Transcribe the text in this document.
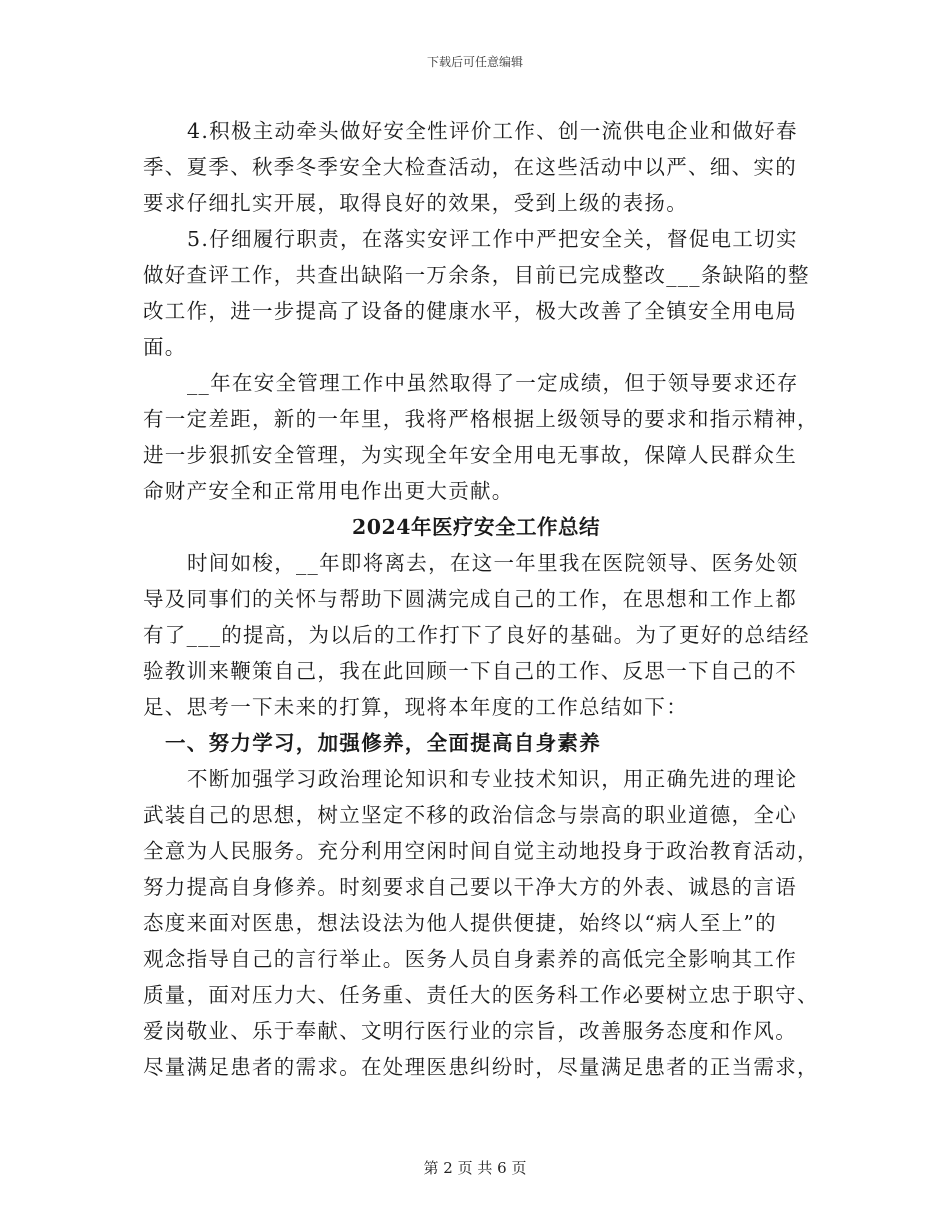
下载后可任意编辑
4.积极主动牵头做好安全性评价工作、创一流供电企业和做好春
季、夏季、秋季冬季安全大检查活动，在这些活动中以严、细、实的
要求仔细扎实开展，取得良好的效果，受到上级的表扬。
5.仔细履行职责，在落实安评工作中严把安全关，督促电工切实
做好查评工作，共查出缺陷一万余条，目前已完成整改___条缺陷的整
改工作，进一步提高了设备的健康水平，极大改善了全镇安全用电局
面。
__年在安全管理工作中虽然取得了一定成绩，但于领导要求还存
有一定差距，新的一年里，我将严格根据上级领导的要求和指示精神，
进一步狠抓安全管理，为实现全年安全用电无事故，保障人民群众生
命财产安全和正常用电作出更大贡献。
2024年医疗安全工作总结
时间如梭，__年即将离去，在这一年里我在医院领导、医务处领
导及同事们的关怀与帮助下圆满完成自己的工作，在思想和工作上都
有了___的提高，为以后的工作打下了良好的基础。为了更好的总结经
验教训来鞭策自己，我在此回顾一下自己的工作、反思一下自己的不
足、思考一下未来的打算，现将本年度的工作总结如下：
一、努力学习，加强修养，全面提高自身素养
不断加强学习政治理论知识和专业技术知识，用正确先进的理论
武装自己的思想，树立坚定不移的政治信念与崇高的职业道德，全心
全意为人民服务。充分利用空闲时间自觉主动地投身于政治教育活动，
努力提高自身修养。时刻要求自己要以干净大方的外表、诚恳的言语
态度来面对医患，想法设法为他人提供便捷，始终以“病人至上”的
观念指导自己的言行举止。医务人员自身素养的高低完全影响其工作
质量，面对压力大、任务重、责任大的医务科工作必要树立忠于职守、
爱岗敬业、乐于奉献、文明行医行业的宗旨，改善服务态度和作风。
尽量满足患者的需求。在处理医患纠纷时，尽量满足患者的正当需求，
第 2 页 共 6 页
